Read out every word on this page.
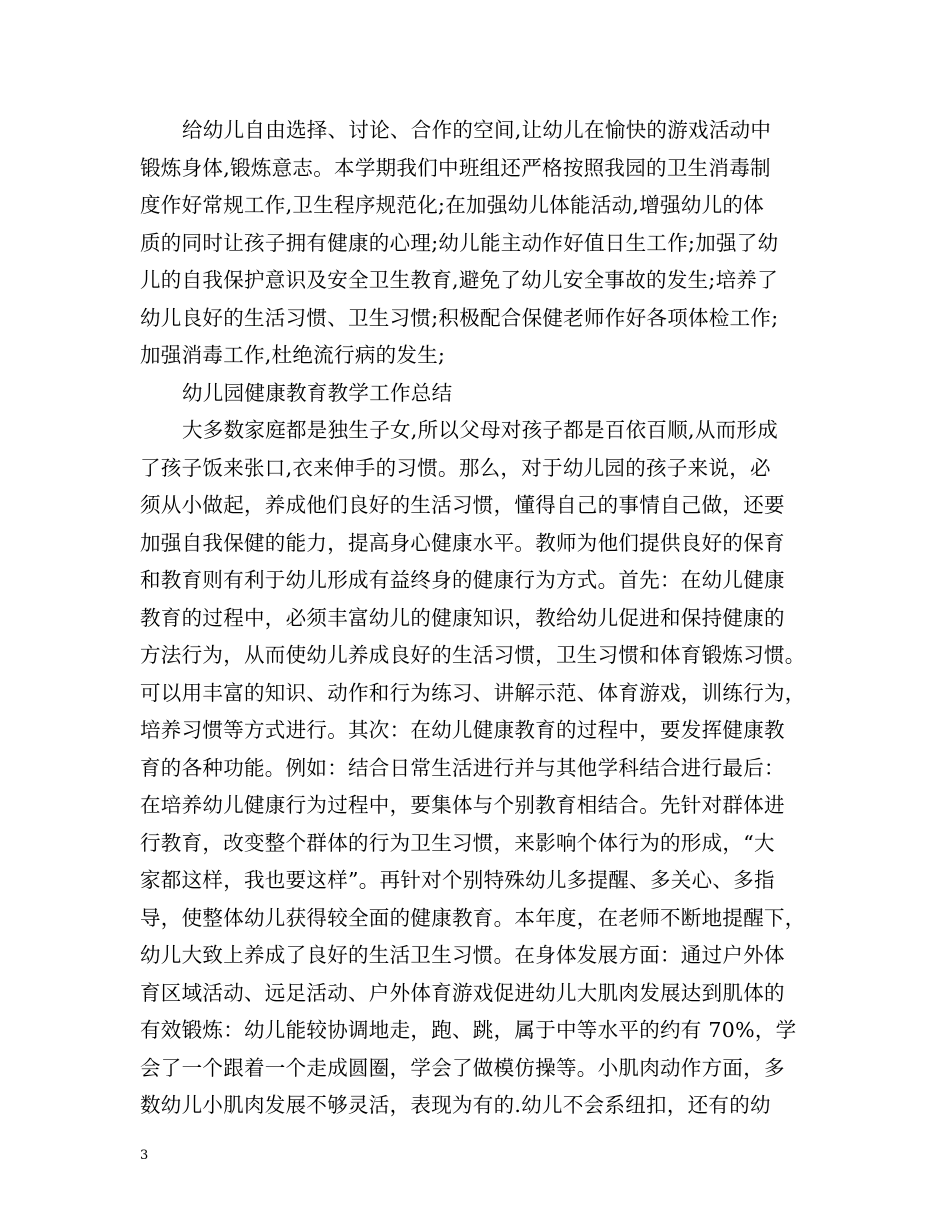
给幼儿自由选择、讨论、合作的空间,让幼儿在愉快的游戏活动中
锻炼身体,锻炼意志。本学期我们中班组还严格按照我园的卫生消毒制
度作好常规工作,卫生程序规范化;在加强幼儿体能活动,增强幼儿的体
质的同时让孩子拥有健康的心理;幼儿能主动作好值日生工作;加强了幼
儿的自我保护意识及安全卫生教育,避免了幼儿安全事故的发生;培养了
幼儿良好的生活习惯、卫生习惯;积极配合保健老师作好各项体检工作;
加强消毒工作,杜绝流行病的发生;
幼儿园健康教育教学工作总结
大多数家庭都是独生子女,所以父母对孩子都是百依百顺,从而形成
了孩子饭来张口,衣来伸手的习惯。那么，对于幼儿园的孩子来说，必
须从小做起，养成他们良好的生活习惯，懂得自己的事情自己做，还要
加强自我保健的能力，提高身心健康水平。教师为他们提供良好的保育
和教育则有利于幼儿形成有益终身的健康行为方式。首先：在幼儿健康
教育的过程中，必须丰富幼儿的健康知识，教给幼儿促进和保持健康的
方法行为，从而使幼儿养成良好的生活习惯，卫生习惯和体育锻炼习惯。
可以用丰富的知识、动作和行为练习、讲解示范、体育游戏，训练行为，
培养习惯等方式进行。其次：在幼儿健康教育的过程中，要发挥健康教
育的各种功能。例如：结合日常生活进行并与其他学科结合进行最后：
在培养幼儿健康行为过程中，要集体与个别教育相结合。先针对群体进
行教育，改变整个群体的行为卫生习惯，来影响个体行为的形成，“大
家都这样，我也要这样”。再针对个别特殊幼儿多提醒、多关心、多指
导，使整体幼儿获得较全面的健康教育。本年度，在老师不断地提醒下，
幼儿大致上养成了良好的生活卫生习惯。在身体发展方面：通过户外体
育区域活动、远足活动、户外体育游戏促进幼儿大肌肉发展达到肌体的
有效锻炼：幼儿能较协调地走，跑、跳，属于中等水平的约有 70%，学
会了一个跟着一个走成圆圈，学会了做模仿操等。小肌肉动作方面，多
数幼儿小肌肉发展不够灵活，表现为有的.幼儿不会系纽扣，还有的幼
3
